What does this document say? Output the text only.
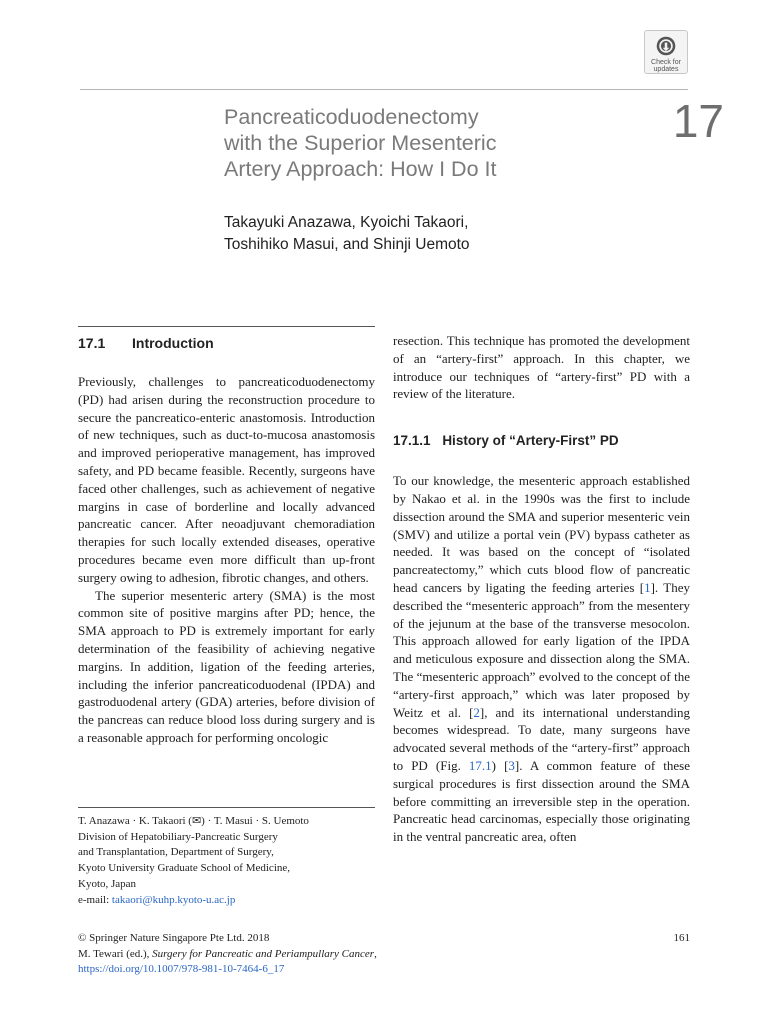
Check for updates
Pancreaticoduodenectomy
with the Superior Mesenteric
Artery Approach: How I Do It
17
Takayuki Anazawa, Kyoichi Takaori,
Toshihiko Masui, and Shinji Uemoto
17.1	Introduction

Previously, challenges to pancreaticoduodenectomy (PD) had arisen during the reconstruction procedure to secure the pancreatico-enteric anastomosis. Introduction of new techniques, such as duct-to-mucosa anastomosis and improved perioperative management, has improved safety, and PD became feasible. Recently, surgeons have faced other challenges, such as achievement of negative margins in case of borderline and locally advanced pancreatic cancer. After neoadjuvant chemoradiation therapies for such locally extended diseases, operative procedures became even more difficult than up-front surgery owing to adhesion, fibrotic changes, and others.

The superior mesenteric artery (SMA) is the most common site of positive margins after PD; hence, the SMA approach to PD is extremely important for early determination of the feasibility of achieving negative margins. In addition, ligation of the feeding arteries, including the inferior pancreaticoduodenal (IPDA) and gastroduodenal artery (GDA) arteries, before division of the pancreas can reduce blood loss during surgery and is a reasonable approach for performing oncologic

resection. This technique has promoted the development of an “artery-first” approach. In this chapter, we introduce our techniques of “artery-first” PD with a review of the literature.

17.1.1 History of “Artery-First” PD

To our knowledge, the mesenteric approach established by Nakao et al. in the 1990s was the first to include dissection around the SMA and superior mesenteric vein (SMV) and utilize a portal vein (PV) bypass catheter as needed. It was based on the concept of “isolated pancreatectomy,” which cuts blood flow of pancreatic head cancers by ligating the feeding arteries [1]. They described the “mesenteric approach” from the mesentery of the jejunum at the base of the transverse mesocolon. This approach allowed for early ligation of the IPDA and meticulous exposure and dissection along the SMA. The “mesenteric approach” evolved to the concept of the “artery-first approach,” which was later proposed by Weitz et al. [2], and its international understanding becomes widespread. To date, many surgeons have advocated several methods of the “artery-first” approach to PD (Fig. 17.1) [3]. A common feature of these surgical procedures is first dissection around the SMA before committing an irreversible step in the operation. Pancreatic head carcinomas, especially those originating in the ventral pancreatic area, often

T. Anazawa · K. Takaori (✉) · T. Masui · S. Uemoto
Division of Hepatobiliary-Pancreatic Surgery
and Transplantation, Department of Surgery,
Kyoto University Graduate School of Medicine,
Kyoto, Japan
e-mail: takaori@kuhp.kyoto-u.ac.jp
© Springer Nature Singapore Pte Ltd. 2018
M. Tewari (ed.), Surgery for Pancreatic and Periampullary Cancer,
https://doi.org/10.1007/978-981-10-7464-6_17
161
